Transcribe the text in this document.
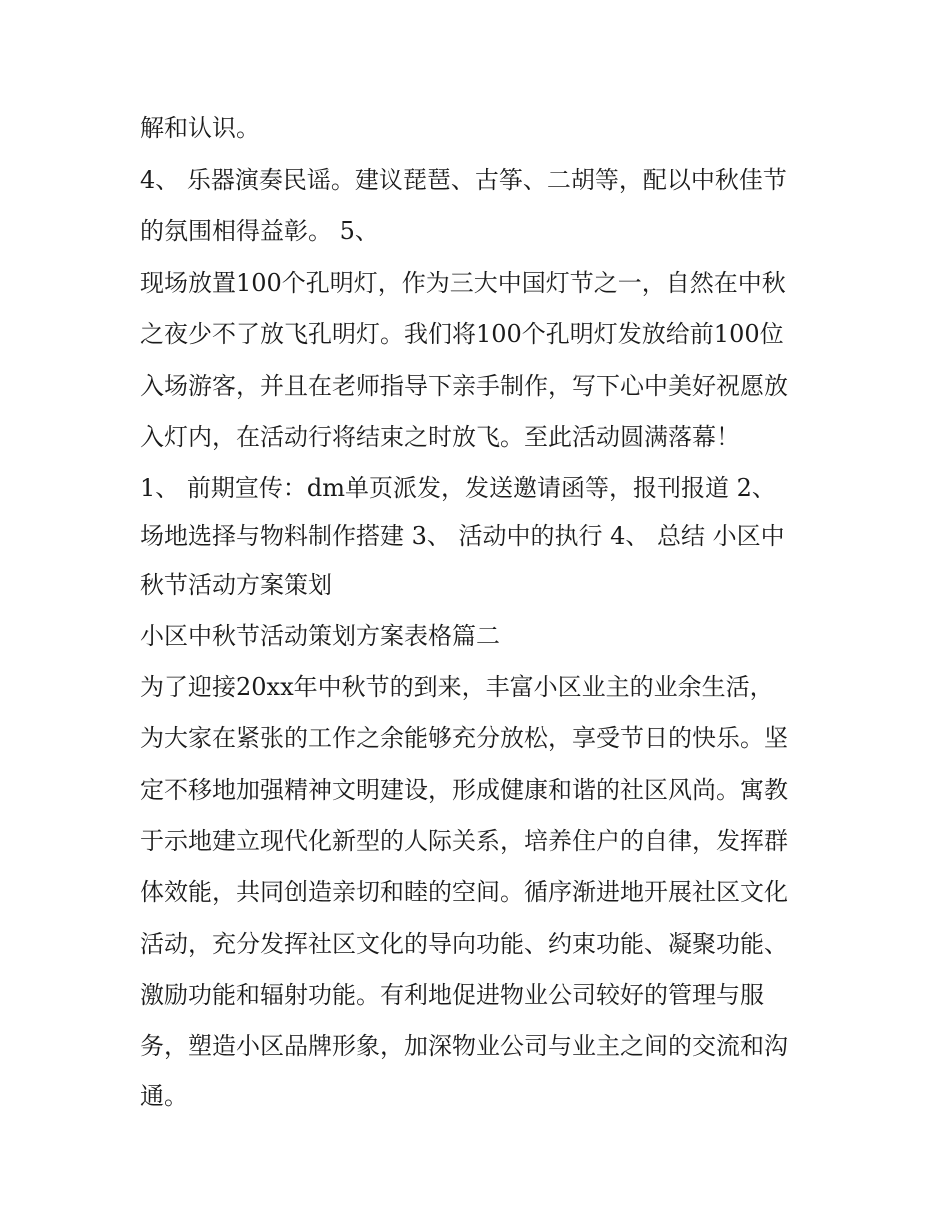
解和认识。

4、 乐器演奏民谣。建议琵琶、古筝、二胡等，配以中秋佳节

的氛围相得益彰。 5、

现场放置100个孔明灯，作为三大中国灯节之一，自然在中秋

之夜少不了放飞孔明灯。我们将100个孔明灯发放给前100位

入场游客，并且在老师指导下亲手制作，写下心中美好祝愿放

入灯内，在活动行将结束之时放飞。至此活动圆满落幕！

1、 前期宣传：dm单页派发，发送邀请函等，报刊报道 2、

场地选择与物料制作搭建 3、 活动中的执行 4、 总结 小区中

秋节活动方案策划

小区中秋节活动策划方案表格篇二

为了迎接20xx年中秋节的到来，丰富小区业主的业余生活，

为大家在紧张的工作之余能够充分放松，享受节日的快乐。坚

定不移地加强精神文明建设，形成健康和谐的社区风尚。寓教

于示地建立现代化新型的人际关系，培养住户的自律，发挥群

体效能，共同创造亲切和睦的空间。循序渐进地开展社区文化

活动，充分发挥社区文化的导向功能、约束功能、凝聚功能、

激励功能和辐射功能。有利地促进物业公司较好的管理与服

务，塑造小区品牌形象，加深物业公司与业主之间的交流和沟

通。
